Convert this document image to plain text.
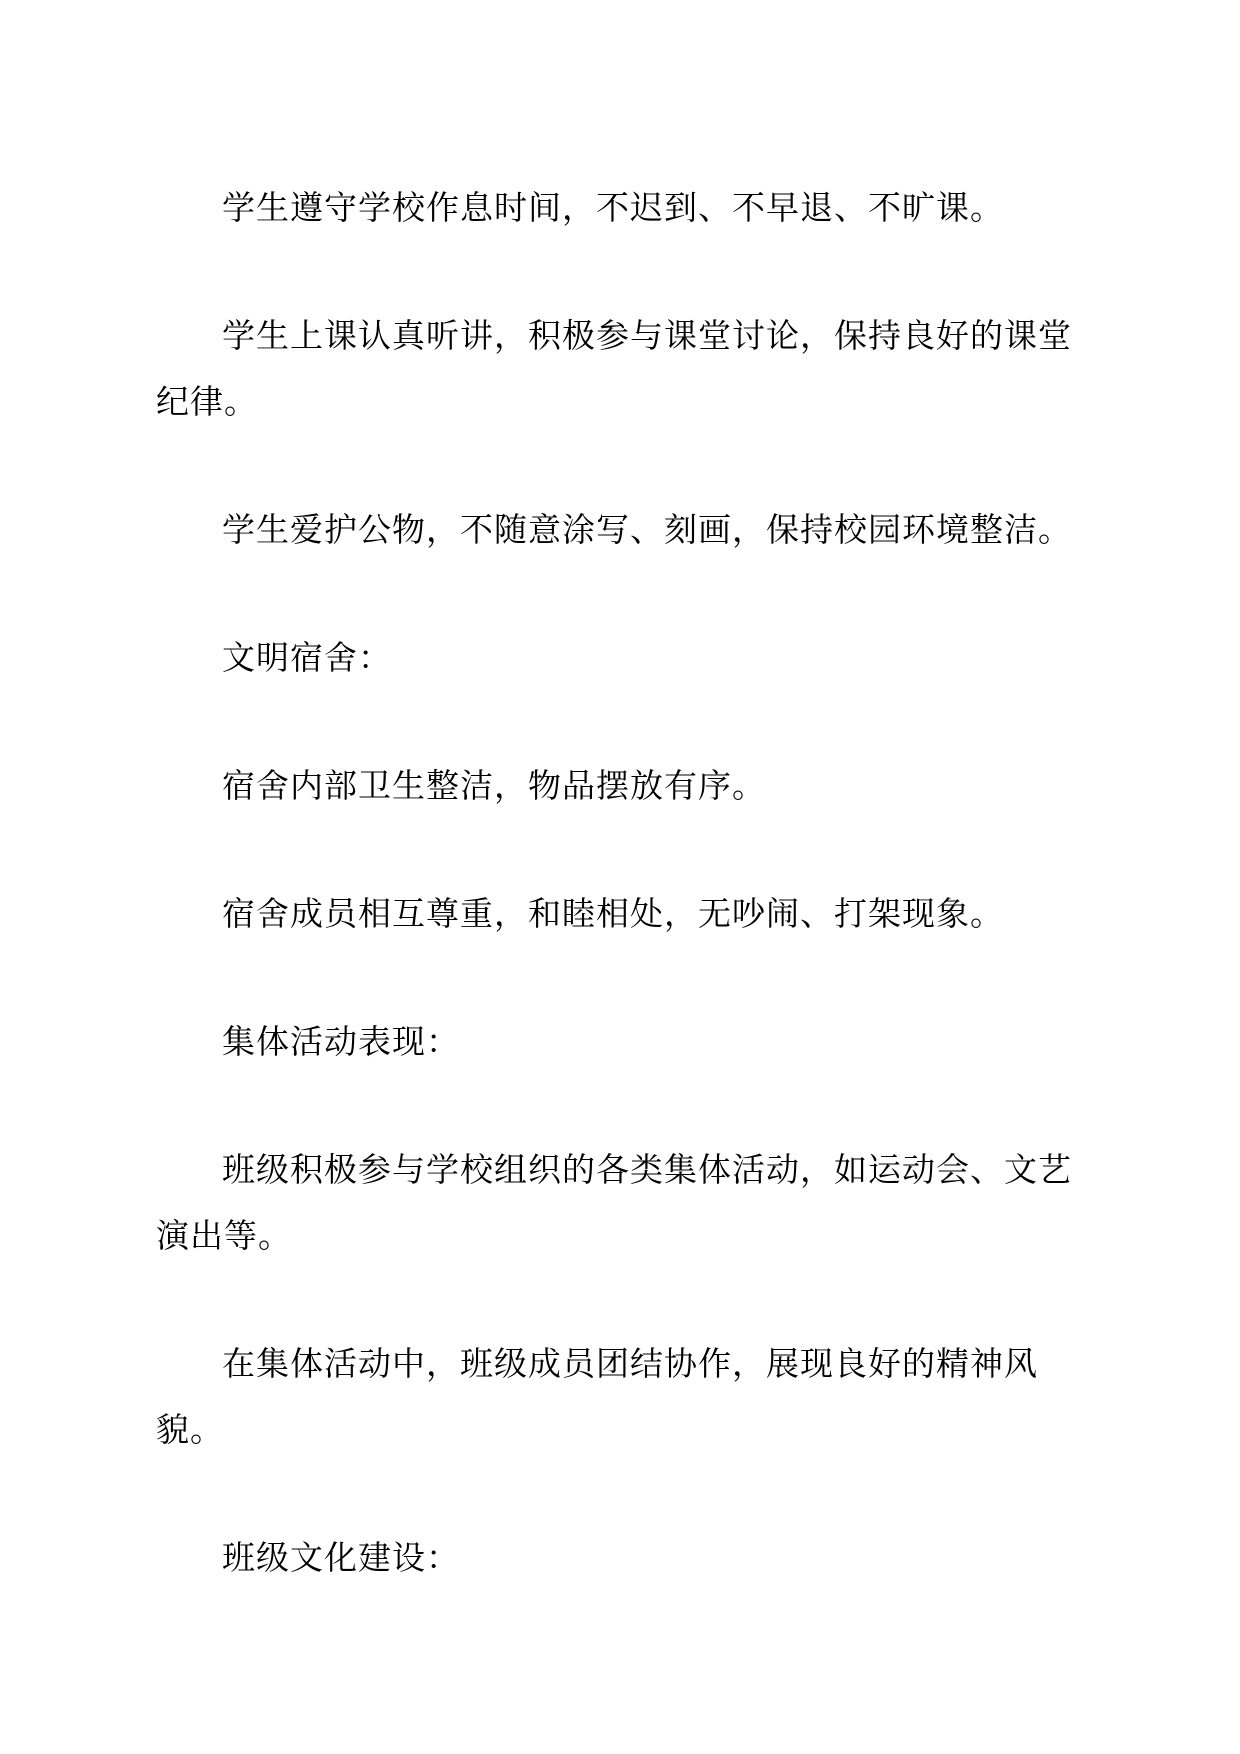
学生遵守学校作息时间，不迟到、不早退、不旷课。

学生上课认真听讲，积极参与课堂讨论，保持良好的课堂纪律。

学生爱护公物，不随意涂写、刻画，保持校园环境整洁。

文明宿舍：

宿舍内部卫生整洁，物品摆放有序。

宿舍成员相互尊重，和睦相处，无吵闹、打架现象。

集体活动表现：

班级积极参与学校组织的各类集体活动，如运动会、文艺演出等。

在集体活动中，班级成员团结协作，展现良好的精神风貌。

班级文化建设：
